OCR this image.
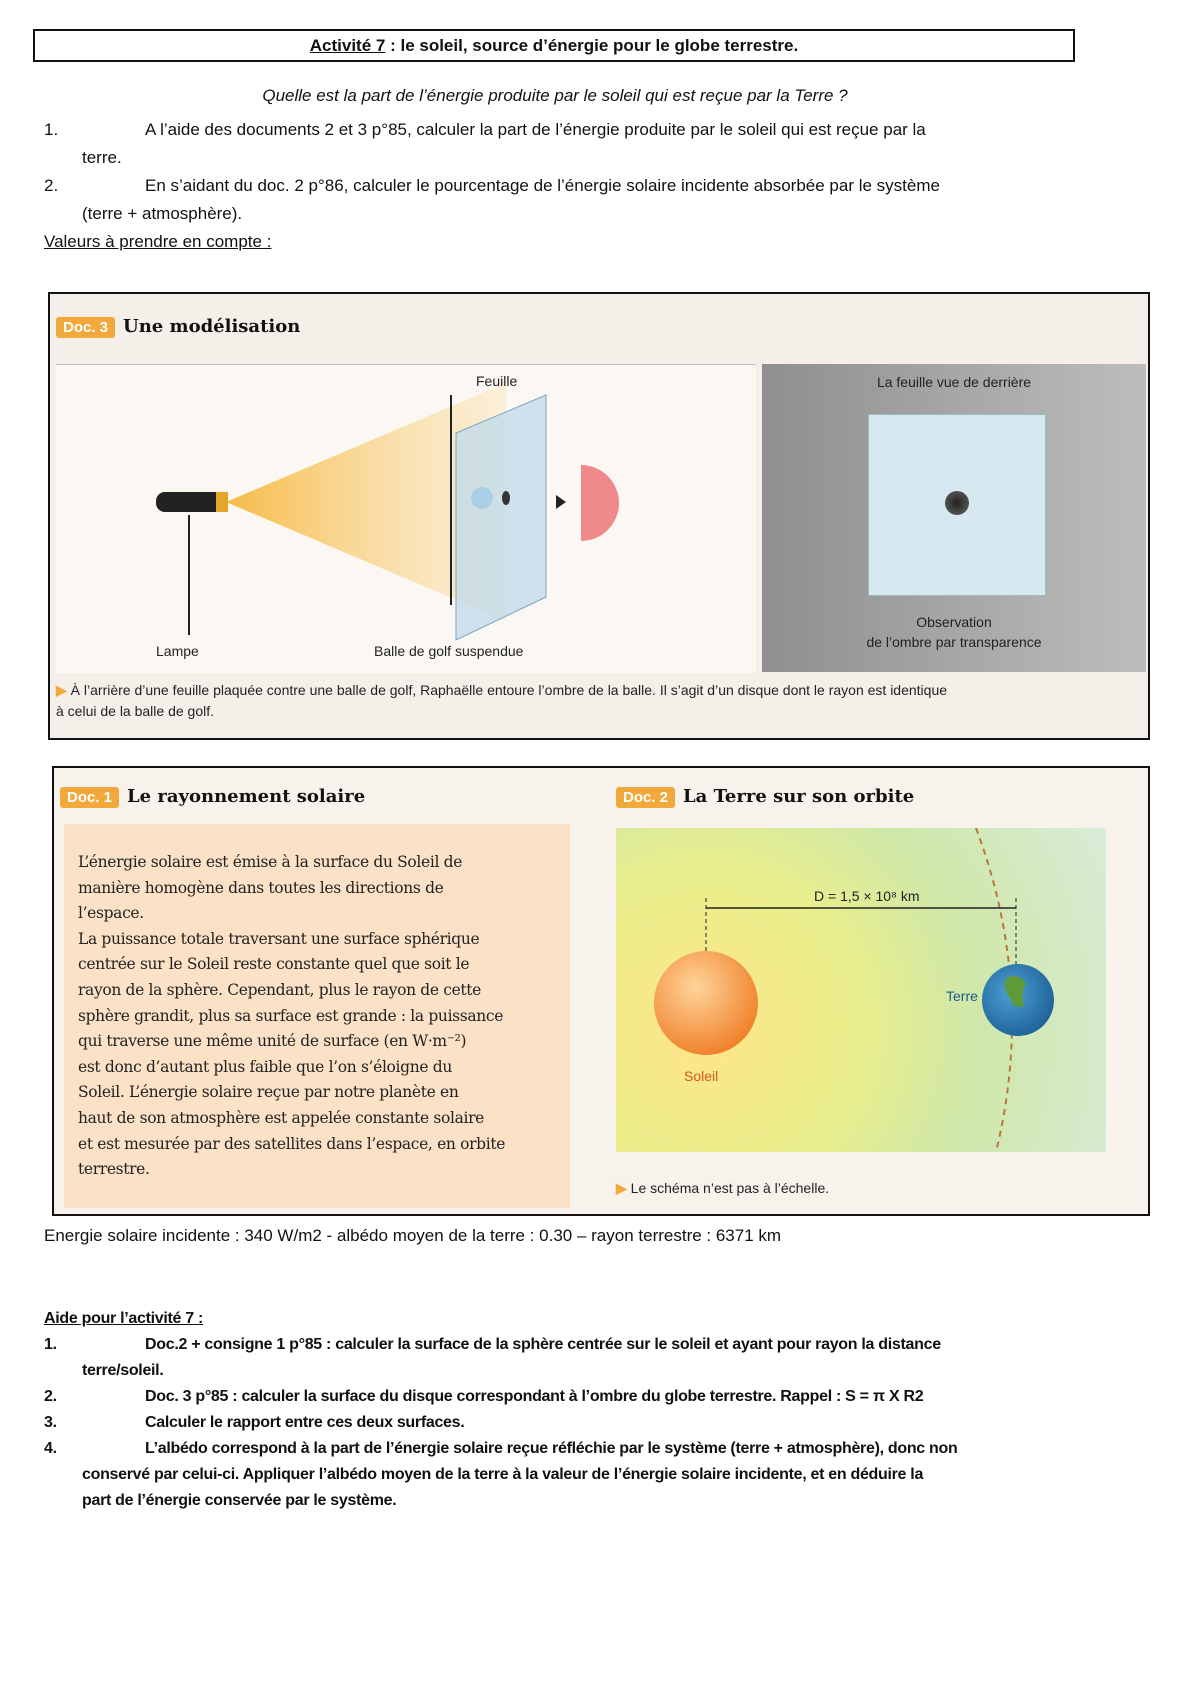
Activité 7 : le soleil, source d’énergie pour le globe terrestre.
Quelle est la part de l’énergie produite par le soleil qui est reçue par la Terre ?
1.	A l’aide des documents 2 et 3 p°85, calculer la part de l’énergie produite par le soleil qui est reçue par la
terre.
2.	En s’aidant du doc. 2 p°86, calculer le pourcentage de l’énergie solaire incidente absorbée par le système
(terre + atmosphère).
Valeurs à prendre en compte :
Doc. 3 Une modélisation
Feuille
Lampe	Balle de golf suspendue
La feuille vue de derrière
Observation
de l’ombre par transparence
▶ À l’arrière d’une feuille plaquée contre une balle de golf, Raphaëlle entoure l’ombre de la balle. Il s’agit d’un disque dont le rayon est identique
à celui de la balle de golf.
Doc. 1 Le rayonnement solaire
L’énergie solaire est émise à la surface du Soleil de
manière homogène dans toutes les directions de
l’espace.
La puissance totale traversant une surface sphérique
centrée sur le Soleil reste constante quel que soit le
rayon de la sphère. Cependant, plus le rayon de cette
sphère grandit, plus sa surface est grande : la puissance
qui traverse une même unité de surface (en W·m⁻²)
est donc d’autant plus faible que l’on s’éloigne du
Soleil. L’énergie solaire reçue par notre planète en
haut de son atmosphère est appelée constante solaire
et est mesurée par des satellites dans l’espace, en orbite
terrestre.
Doc. 2 La Terre sur son orbite
D = 1,5 × 10⁸ km
Terre
Soleil
▶ Le schéma n’est pas à l’échelle.
Energie solaire incidente : 340 W/m2 - albédo moyen de la terre : 0.30 – rayon terrestre : 6371 km
Aide pour l’activité 7 :
1.	Doc.2 + consigne 1 p°85 : calculer la surface de la sphère centrée sur le soleil et ayant pour rayon la distance
terre/soleil.
2.	Doc. 3 p°85 : calculer la surface du disque correspondant à l’ombre du globe terrestre. Rappel : S = π X R2
3.	Calculer le rapport entre ces deux surfaces.
4.	L’albédo correspond à la part de l’énergie solaire reçue réfléchie par le système (terre + atmosphère), donc non
conservé par celui-ci. Appliquer l’albédo moyen de la terre à la valeur de l’énergie solaire incidente, et en déduire la
part de l’énergie conservée par le système.
